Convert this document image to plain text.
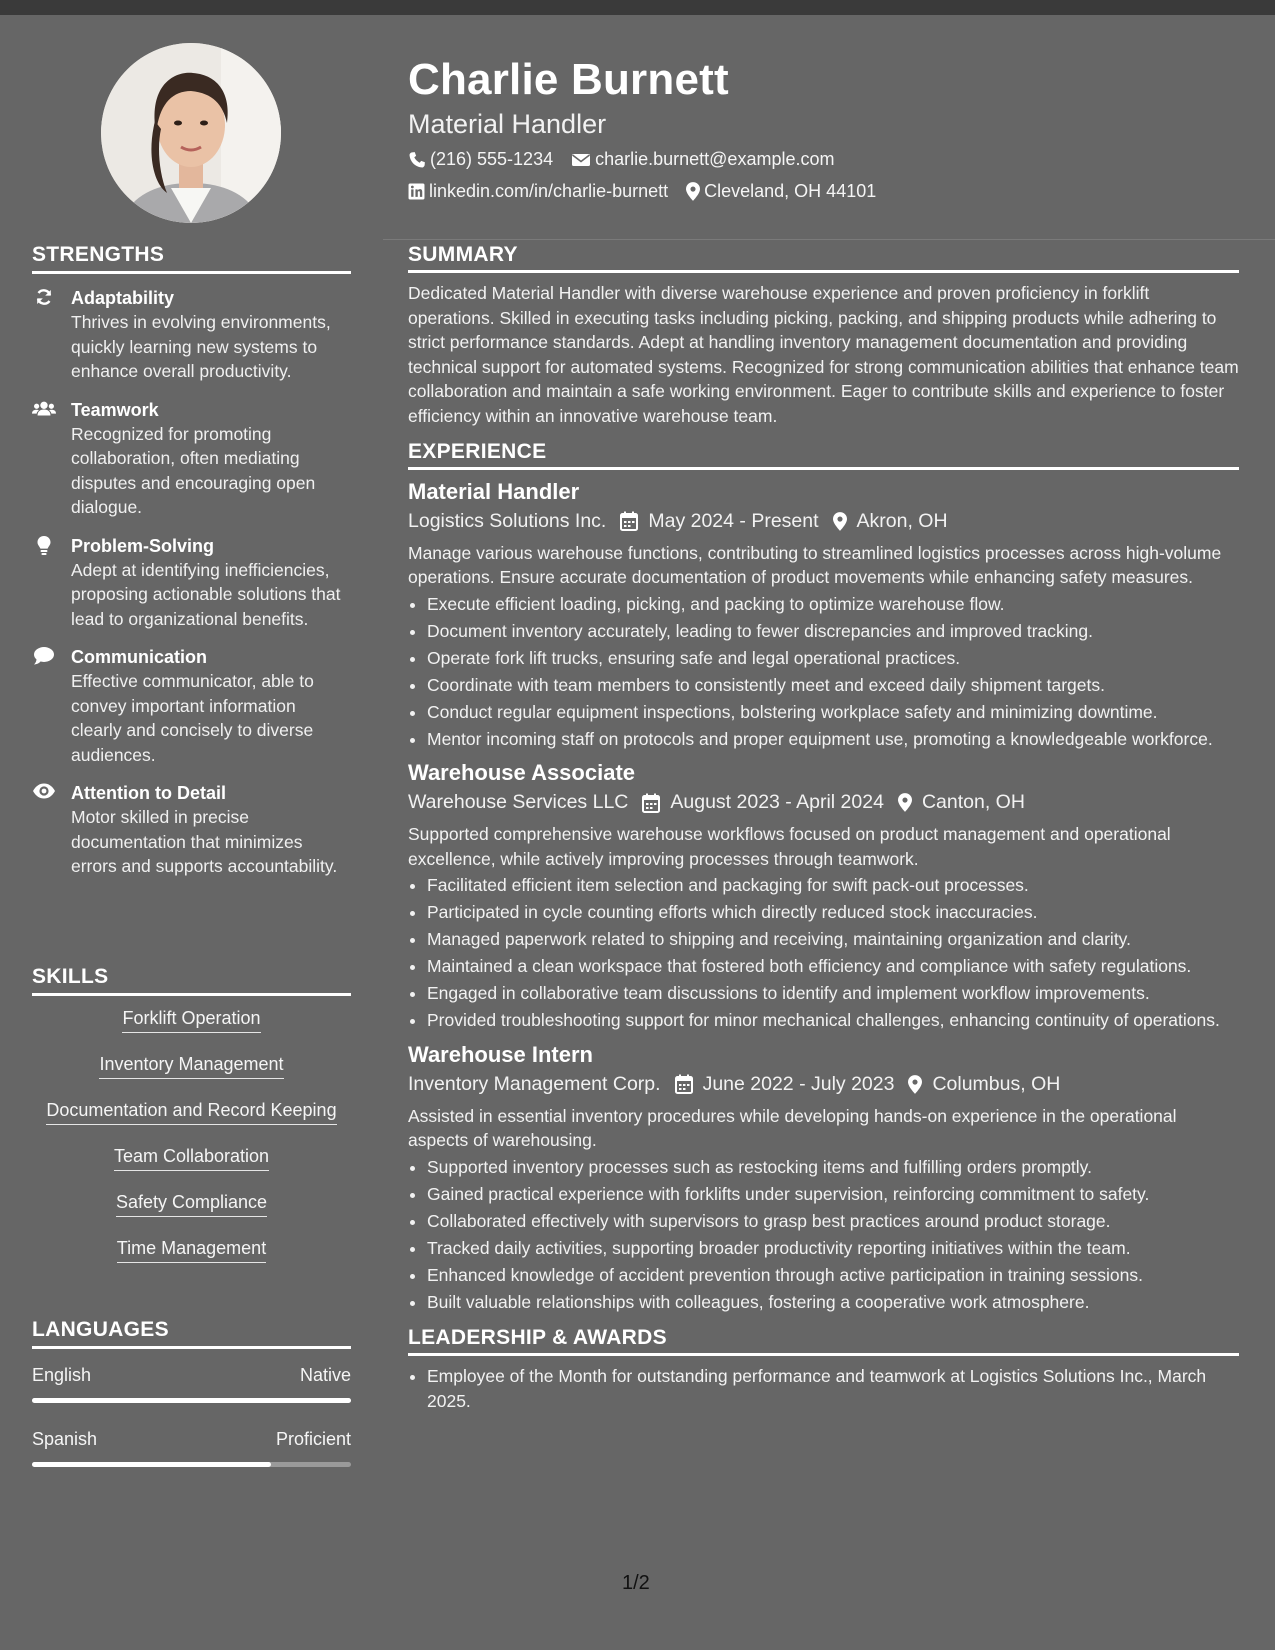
Charlie Burnett
Material Handler
(216) 555-1234 charlie.burnett@example.com
linkedin.com/in/charlie-burnett Cleveland, OH 44101
STRENGTHS
Adaptability
Thrives in evolving environments, quickly learning new systems to enhance overall productivity.
Teamwork
Recognized for promoting collaboration, often mediating disputes and encouraging open dialogue.
Problem-Solving
Adept at identifying inefficiencies, proposing actionable solutions that lead to organizational benefits.
Communication
Effective communicator, able to convey important information clearly and concisely to diverse audiences.
Attention to Detail
Motor skilled in precise documentation that minimizes errors and supports accountability.
SKILLS
Forklift Operation
Inventory Management
Documentation and Record Keeping
Team Collaboration
Safety Compliance
Time Management
LANGUAGES
English	Native
Spanish	Proficient
SUMMARY
Dedicated Material Handler with diverse warehouse experience and proven proficiency in forklift operations. Skilled in executing tasks including picking, packing, and shipping products while adhering to strict performance standards. Adept at handling inventory management documentation and providing technical support for automated systems. Recognized for strong communication abilities that enhance team collaboration and maintain a safe working environment. Eager to contribute skills and experience to foster efficiency within an innovative warehouse team.
EXPERIENCE
Material Handler
Logistics Solutions Inc. May 2024 - Present Akron, OH
Manage various warehouse functions, contributing to streamlined logistics processes across high-volume operations. Ensure accurate documentation of product movements while enhancing safety measures.
• Execute efficient loading, picking, and packing to optimize warehouse flow.
• Document inventory accurately, leading to fewer discrepancies and improved tracking.
• Operate fork lift trucks, ensuring safe and legal operational practices.
• Coordinate with team members to consistently meet and exceed daily shipment targets.
• Conduct regular equipment inspections, bolstering workplace safety and minimizing downtime.
• Mentor incoming staff on protocols and proper equipment use, promoting a knowledgeable workforce.
Warehouse Associate
Warehouse Services LLC August 2023 - April 2024 Canton, OH
Supported comprehensive warehouse workflows focused on product management and operational excellence, while actively improving processes through teamwork.
• Facilitated efficient item selection and packaging for swift pack-out processes.
• Participated in cycle counting efforts which directly reduced stock inaccuracies.
• Managed paperwork related to shipping and receiving, maintaining organization and clarity.
• Maintained a clean workspace that fostered both efficiency and compliance with safety regulations.
• Engaged in collaborative team discussions to identify and implement workflow improvements.
• Provided troubleshooting support for minor mechanical challenges, enhancing continuity of operations.
Warehouse Intern
Inventory Management Corp. June 2022 - July 2023 Columbus, OH
Assisted in essential inventory procedures while developing hands-on experience in the operational aspects of warehousing.
• Supported inventory processes such as restocking items and fulfilling orders promptly.
• Gained practical experience with forklifts under supervision, reinforcing commitment to safety.
• Collaborated effectively with supervisors to grasp best practices around product storage.
• Tracked daily activities, supporting broader productivity reporting initiatives within the team.
• Enhanced knowledge of accident prevention through active participation in training sessions.
• Built valuable relationships with colleagues, fostering a cooperative work atmosphere.
LEADERSHIP & AWARDS
• Employee of the Month for outstanding performance and teamwork at Logistics Solutions Inc., March 2025.
1/2
